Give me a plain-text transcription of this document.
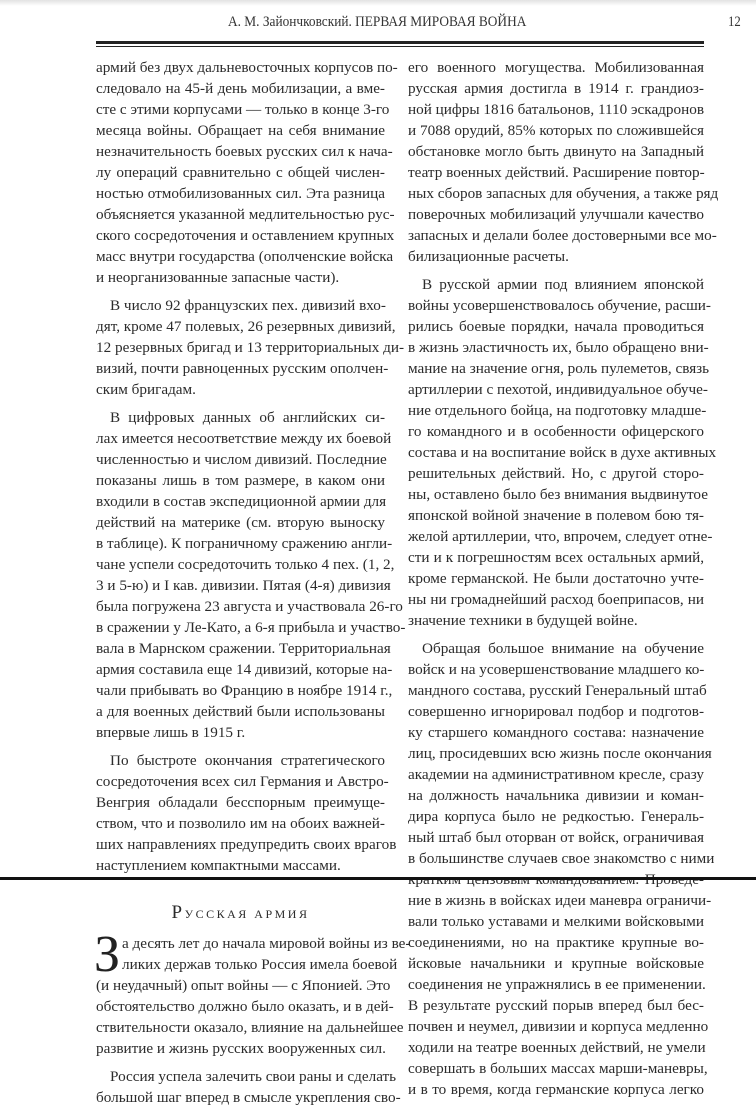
А. М. Зайончковский. ПЕРВАЯ МИРОВАЯ ВОЙНА	12
армий без двух дальневосточных корпусов по-
следовало на 45-й день мобилизации, а вме-
сте с этими корпусами — только в конце 3-го
месяца войны. Обращает на себя внимание
незначительность боевых русских сил к нача-
лу операций сравнительно с общей числен-
ностью отмобилизованных сил. Эта разница
объясняется указанной медлительностью рус-
ского сосредоточения и оставлением крупных
масс внутри государства (ополченские войска
и неорганизованные запасные части).
В число 92 французских пех. дивизий вхо-
дят, кроме 47 полевых, 26 резервных дивизий,
12 резервных бригад и 13 территориальных ди-
визий, почти равноценных русским ополчен-
ским бригадам.
В цифровых данных об английских си-
лах имеется несоответствие между их боевой
численностью и числом дивизий. Последние
показаны лишь в том размере, в каком они
входили в состав экспедиционной армии для
действий на материке (см. вторую выноску
в таблице). К пограничному сражению англи-
чане успели сосредоточить только 4 пех. (1, 2,
3 и 5-ю) и I кав. дивизии. Пятая (4-я) дивизия
была погружена 23 августа и участвовала 26-го
в сражении у Ле-Като, а 6-я прибыла и участво-
вала в Марнском сражении. Территориальная
армия составила еще 14 дивизий, которые на-
чали прибывать во Францию в ноябре 1914 г.,
а для военных действий были использованы
впервые лишь в 1915 г.
По быстроте окончания стратегического
сосредоточения всех сил Германия и Австро-
Венгрия обладали бесспорным преимуще-
ством, что и позволило им на обоих важней-
ших направлениях предупредить своих врагов
наступлением компактными массами.
РУССКАЯ АРМИЯ
З а десять лет до начала мировой войны из ве-
ликих держав только Россия имела боевой
(и неудачный) опыт войны — с Японией. Это
обстоятельство должно было оказать, и в дей-
ствительности оказало, влияние на дальнейшее
развитие и жизнь русских вооруженных сил.
Россия успела залечить свои раны и сделать
большой шаг вперед в смысле укрепления сво-
его военного могущества. Мобилизованная
русская армия достигла в 1914 г. грандиоз-
ной цифры 1816 батальонов, 1110 эскадронов
и 7088 орудий, 85% которых по сложившейся
обстановке могло быть двинуто на Западный
театр военных действий. Расширение повтор-
ных сборов запасных для обучения, а также ряд
поверочных мобилизаций улучшали качество
запасных и делали более достоверными все мо-
билизационные расчеты.
В русской армии под влиянием японской
войны усовершенствовалось обучение, расши-
рились боевые порядки, начала проводиться
в жизнь эластичность их, было обращено вни-
мание на значение огня, роль пулеметов, связь
артиллерии с пехотой, индивидуальное обуче-
ние отдельного бойца, на подготовку младше-
го командного и в особенности офицерского
состава и на воспитание войск в духе активных
решительных действий. Но, с другой сторо-
ны, оставлено было без внимания выдвинутое
японской войной значение в полевом бою тя-
желой артиллерии, что, впрочем, следует отне-
сти и к погрешностям всех остальных армий,
кроме германской. Не были достаточно учте-
ны ни громаднейший расход боеприпасов, ни
значение техники в будущей войне.
Обращая большое внимание на обучение
войск и на усовершенствование младшего ко-
мандного состава, русский Генеральный штаб
совершенно игнорировал подбор и подготов-
ку старшего командного состава: назначение
лиц, просидевших всю жизнь после окончания
академии на административном кресле, сразу
на должность начальника дивизии и коман-
дира корпуса было не редкостью. Генераль-
ный штаб был оторван от войск, ограничивая
в большинстве случаев свое знакомство с ними
ние в жизнь в войсках идеи маневра ограничи-
вали только уставами и мелкими войсковыми
соединениями, но на практике крупные во-
йсковые начальники и крупные войсковые
соединения не упражнялись в ее применении.
В результате русский порыв вперед был бес-
почвен и неумел, дивизии и корпуса медленно
ходили на театре военных действий, не умели
совершать в больших массах марши-маневры,
и в то время, когда германские корпуса легко
